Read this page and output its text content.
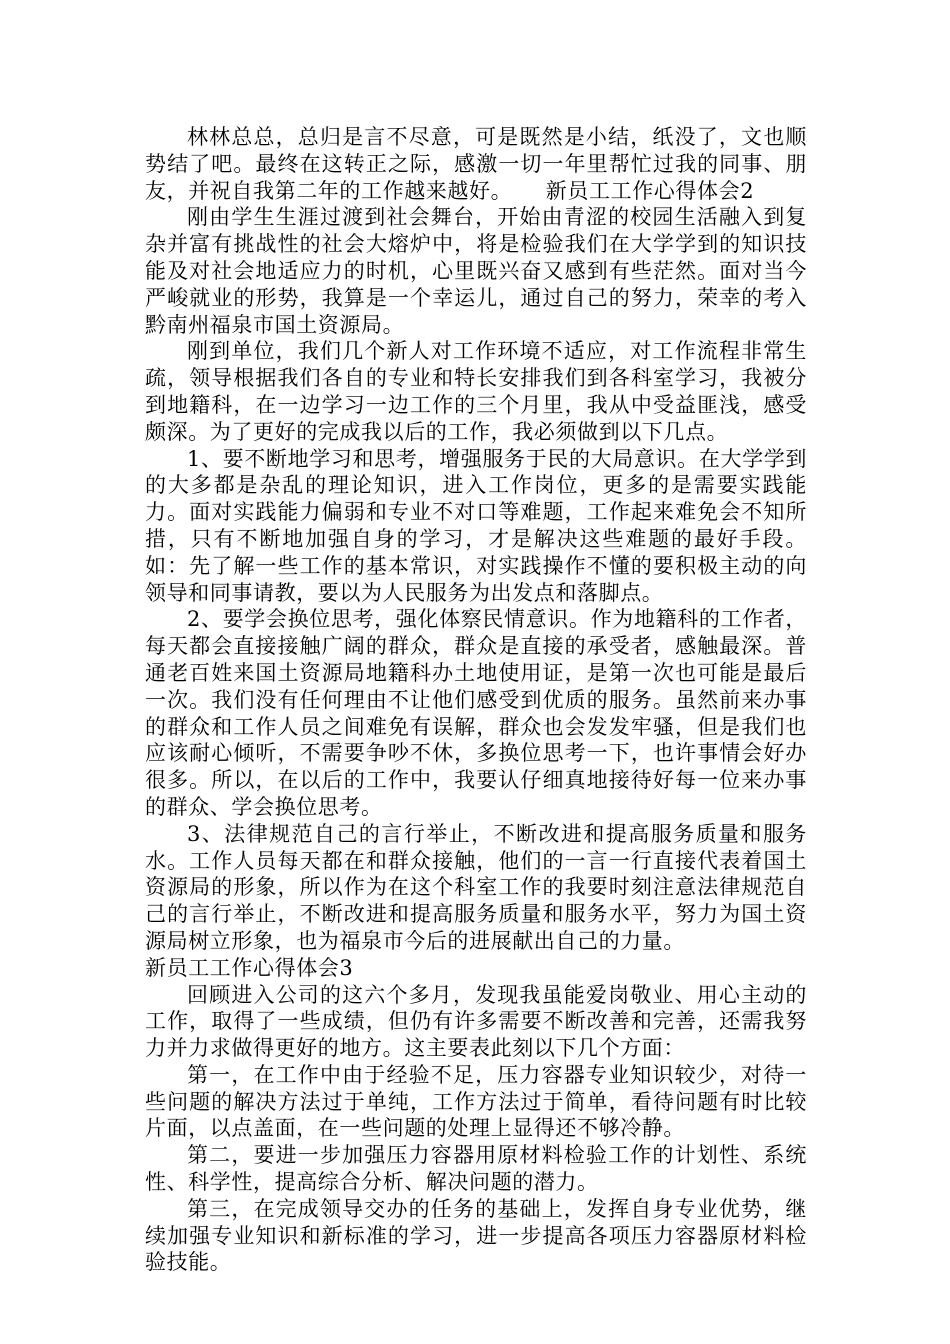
林林总总，总归是言不尽意，可是既然是小结，纸没了，文也顺势结了吧。最终在这转正之际，感激一切一年里帮忙过我的同事、朋友，并祝自我第二年的工作越来越好。 新员工工作心得体会2

刚由学生生涯过渡到社会舞台，开始由青涩的校园生活融入到复杂并富有挑战性的社会大熔炉中，将是检验我们在大学学到的知识技能及对社会地适应力的时机，心里既兴奋又感到有些茫然。面对当今严峻就业的形势，我算是一个幸运儿，通过自己的努力，荣幸的考入黔南州福泉市国土资源局。

刚到单位，我们几个新人对工作环境不适应，对工作流程非常生疏，领导根据我们各自的专业和特长安排我们到各科室学习，我被分到地籍科，在一边学习一边工作的三个月里，我从中受益匪浅，感受颇深。为了更好的完成我以后的工作，我必须做到以下几点。

1、要不断地学习和思考，增强服务于民的大局意识。在大学学到的大多都是杂乱的理论知识，进入工作岗位，更多的是需要实践能力。面对实践能力偏弱和专业不对口等难题，工作起来难免会不知所措，只有不断地加强自身的学习，才是解决这些难题的最好手段。如：先了解一些工作的基本常识，对实践操作不懂的要积极主动的向领导和同事请教，要以为人民服务为出发点和落脚点。

2、要学会换位思考，强化体察民情意识。作为地籍科的工作者，每天都会直接接触广阔的群众，群众是直接的承受者，感触最深。普通老百姓来国土资源局地籍科办土地使用证，是第一次也可能是最后一次。我们没有任何理由不让他们感受到优质的服务。虽然前来办事的群众和工作人员之间难免有误解，群众也会发发牢骚，但是我们也应该耐心倾听，不需要争吵不休，多换位思考一下，也许事情会好办很多。所以，在以后的工作中，我要认仔细真地接待好每一位来办事的群众、学会换位思考。

3、法律规范自己的言行举止，不断改进和提高服务质量和服务水。工作人员每天都在和群众接触，他们的一言一行直接代表着国土资源局的形象，所以作为在这个科室工作的我要时刻注意法律规范自己的言行举止，不断改进和提高服务质量和服务水平，努力为国土资源局树立形象，也为福泉市今后的进展献出自己的力量。

新员工工作心得体会3

回顾进入公司的这六个多月，发现我虽能爱岗敬业、用心主动的工作，取得了一些成绩，但仍有许多需要不断改善和完善，还需我努力并力求做得更好的地方。这主要表此刻以下几个方面：

第一，在工作中由于经验不足，压力容器专业知识较少，对待一些问题的解决方法过于单纯，工作方法过于简单，看待问题有时比较片面，以点盖面，在一些问题的处理上显得还不够冷静。

第二，要进一步加强压力容器用原材料检验工作的计划性、系统性、科学性，提高综合分析、解决问题的潜力。

第三，在完成领导交办的任务的基础上，发挥自身专业优势，继续加强专业知识和新标准的学习，进一步提高各项压力容器原材料检验技能。
